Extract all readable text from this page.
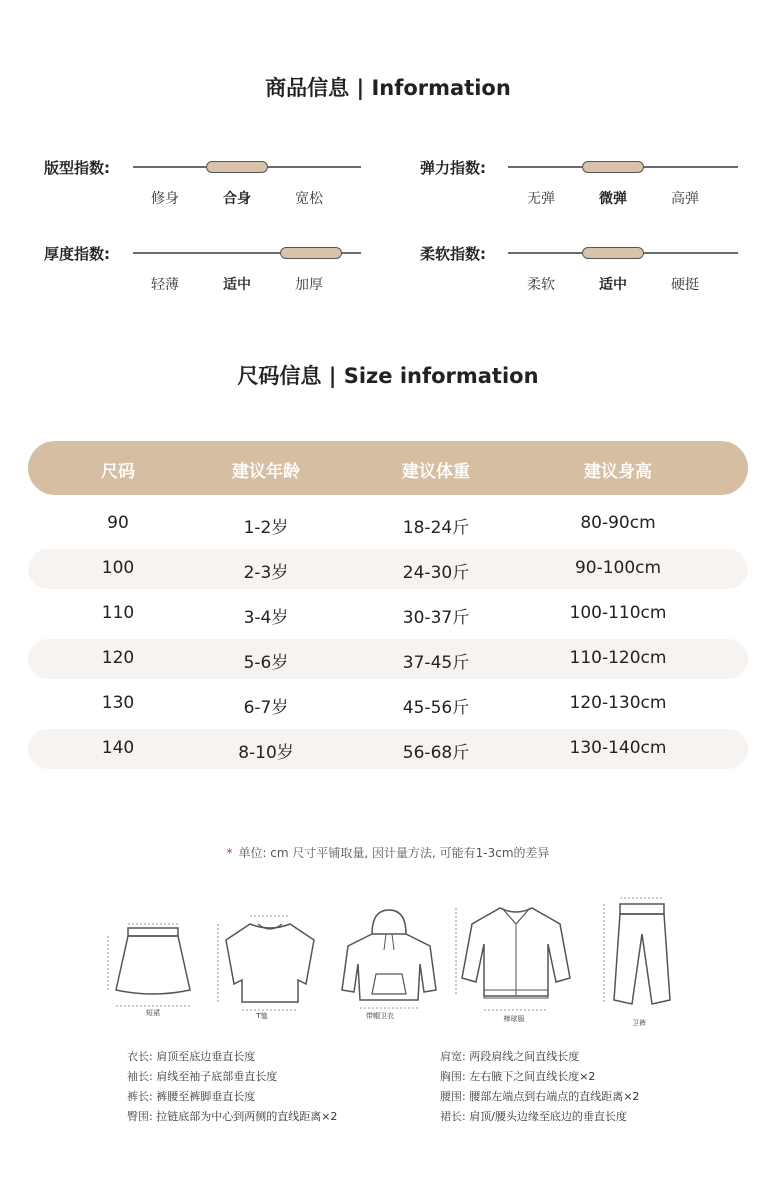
商品信息 | Information
版型指数:
修身	合身	宽松
弹力指数:
无弹	微弹	高弹
厚度指数:
轻薄	适中	加厚
柔软指数:
柔软	适中	硬挺
尺码信息 | Size information
尺码	建议年龄	建议体重	建议身高
90	1-2岁	18-24斤	80-90cm
100	2-3岁	24-30斤	90-100cm
110	3-4岁	30-37斤	100-110cm
120	5-6岁	37-45斤	110-120cm
130	6-7岁	45-56斤	120-130cm
140	8-10岁	56-68斤	130-140cm
* 单位: cm 尺寸平铺取量, 因计量方法, 可能有1-3cm的差异
短裙	T恤	带帽卫衣	棒球服	卫裤
衣长: 肩顶至底边垂直长度
袖长: 肩线至袖子底部垂直长度
裤长: 裤腰至裤脚垂直长度
臀围: 拉链底部为中心到两侧的直线距离×2
肩宽: 两段肩线之间直线长度
胸围: 左右腋下之间直线长度×2
腰围: 腰部左端点到右端点的直线距离×2
裙长: 肩顶/腰头边缘至底边的垂直长度
